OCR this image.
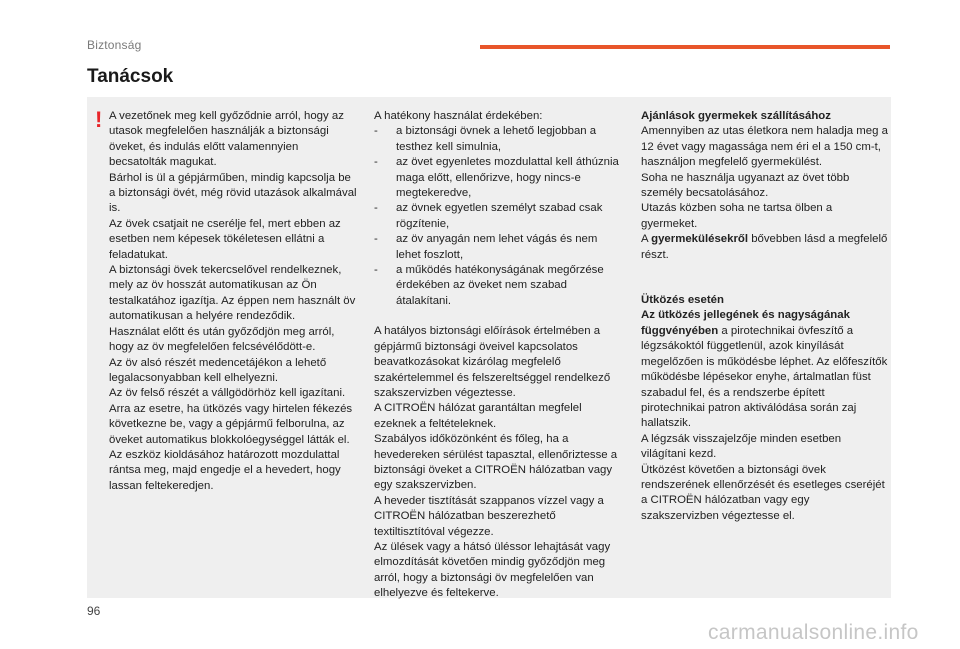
Biztonság
Tanácsok
! A vezetőnek meg kell győződnie arról, hogy az utasok megfelelően használják a biztonsági öveket, és indulás előtt valamennyien becsatolták magukat.
Bárhol is ül a gépjárműben, mindig kapcsolja be a biztonsági övét, még rövid utazások alkalmával is.
Az övek csatjait ne cserélje fel, mert ebben az esetben nem képesek tökéletesen ellátni a feladatukat.
A biztonsági övek tekercselővel rendelkeznek, mely az öv hosszát automatikusan az Ön testalkatához igazítja. Az éppen nem használt öv automatikusan a helyére rendeződik.
Használat előtt és után győződjön meg arról, hogy az öv megfelelően felcsévélődött-e.
Az öv alsó részét medencetájékon a lehető legalacsonyabban kell elhelyezni.
Az öv felső részét a vállgödörhöz kell igazítani.
Arra az esetre, ha ütközés vagy hirtelen fékezés következne be, vagy a gépjármű felborulna, az öveket automatikus blokkolóegységgel látták el.
Az eszköz kioldásához határozott mozdulattal rántsa meg, majd engedje el a hevedert, hogy lassan feltekeredjen.

A hatékony használat érdekében:

- a biztonsági övnek a lehető legjobban a testhez kell simulnia,
- az övet egyenletes mozdulattal kell áthúznia maga előtt, ellenőrizve, hogy nincs-e megtekeredve,
- az övnek egyetlen személyt szabad csak rögzítenie,
- az öv anyagán nem lehet vágás és nem lehet foszlott,
- a működés hatékonyságának megőrzése érdekében az öveket nem szabad átalakítani.

A hatályos biztonsági előírások értelmében a gépjármű biztonsági öveivel kapcsolatos beavatkozásokat kizárólag megfelelő szakértelemmel és felszereltséggel rendelkező szakszervizben végeztesse.
A CITROËN hálózat garantáltan megfelel ezeknek a feltételeknek.
Szabályos időközönként és főleg, ha a hevedereken sérülést tapasztal, ellenőriztesse a biztonsági öveket a CITROËN hálózatban vagy egy szakszervizben.
A heveder tisztítását szappanos vízzel vagy a CITROËN hálózatban beszerezhető textiltisztítóval végezze.
Az ülések vagy a hátsó üléssor lehajtását vagy elmozdítását követően mindig győződjön meg arról, hogy a biztonsági öv megfelelően van elhelyezve és feltekerve.

Ajánlások gyermekek szállításához

Amennyiben az utas életkora nem haladja meg a 12 évet vagy magassága nem éri el a 150 cm-t, használjon megfelelő gyermekülést.
Soha ne használja ugyanazt az övet több személy becsatolásához.
Utazás közben soha ne tartsa ölben a gyermeket.

A gyermekülésekről bővebben lásd a megfelelő részt.

Ütközés esetén

Az ütközés jellegének és nagyságának függvényében a pirotechnikai övfeszítő a légzsákoktól függetlenül, azok kinyílását megelőzően is működésbe léphet. Az előfeszítők működésbe lépésekor enyhe, ártalmatlan füst szabadul fel, és a rendszerbe épített pirotechnikai patron aktiválódása során zaj hallatszik.

A légzsák visszajelzője minden esetben világítani kezd.
Ütközést követően a biztonsági övek rendszerének ellenőrzését és esetleges cseréjét a CITROËN hálózatban vagy egy szakszervizben végeztesse el.

96
carmanualsonline.info
